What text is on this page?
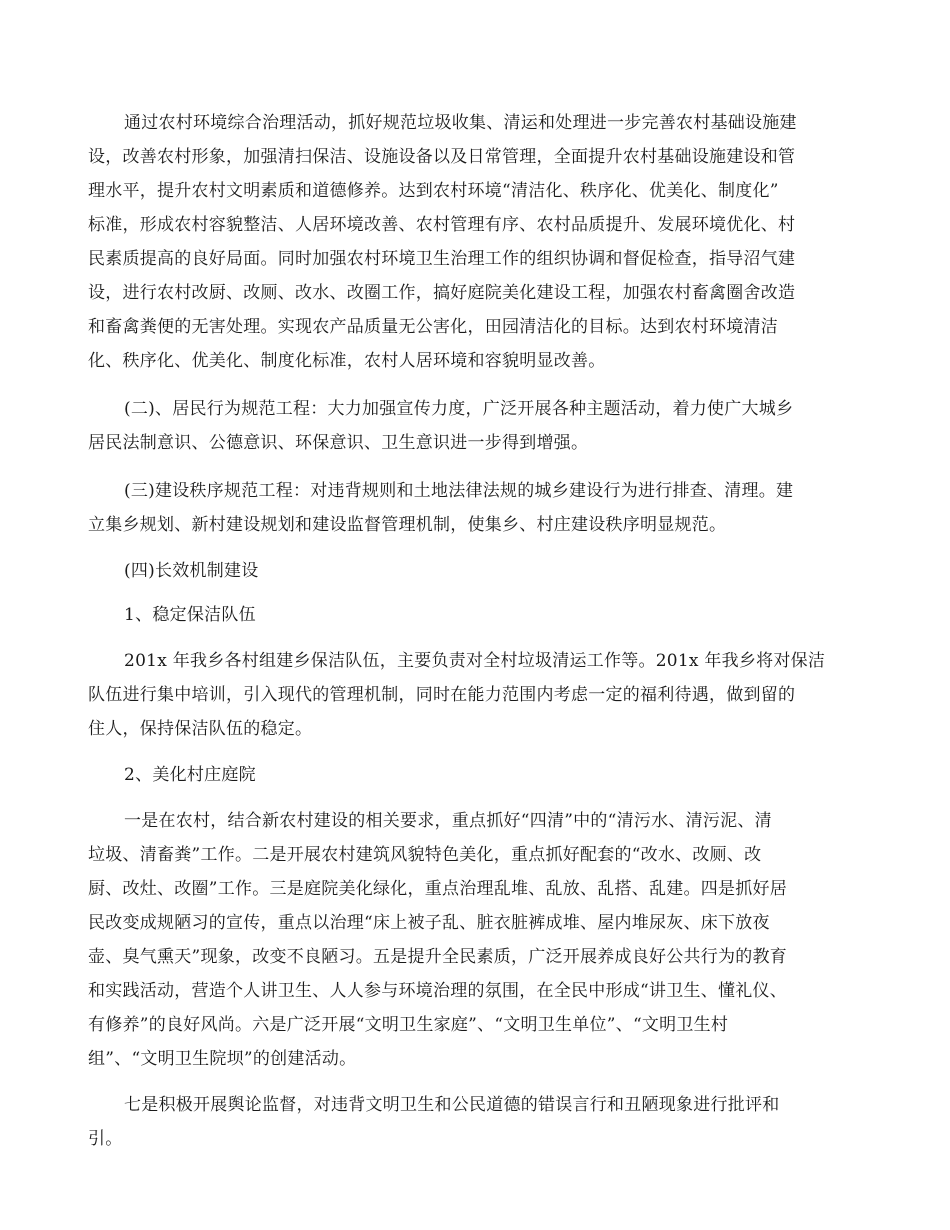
通过农村环境综合治理活动，抓好规范垃圾收集、清运和处理进一步完善农村基础设施建
设，改善农村形象，加强清扫保洁、设施设备以及日常管理，全面提升农村基础设施建设和管
理水平，提升农村文明素质和道德修养。达到农村环境“清洁化、秩序化、优美化、制度化”
标准，形成农村容貌整洁、人居环境改善、农村管理有序、农村品质提升、发展环境优化、村
民素质提高的良好局面。同时加强农村环境卫生治理工作的组织协调和督促检查，指导沼气建
设，进行农村改厨、改厕、改水、改圈工作，搞好庭院美化建设工程，加强农村畜禽圈舍改造
和畜禽粪便的无害处理。实现农产品质量无公害化，田园清洁化的目标。达到农村环境清洁
化、秩序化、优美化、制度化标准，农村人居环境和容貌明显改善。
(二)、居民行为规范工程：大力加强宣传力度，广泛开展各种主题活动，着力使广大城乡
居民法制意识、公德意识、环保意识、卫生意识进一步得到增强。
(三)建设秩序规范工程：对违背规则和土地法律法规的城乡建设行为进行排查、清理。建
立集乡规划、新村建设规划和建设监督管理机制，使集乡、村庄建设秩序明显规范。
(四)长效机制建设
1、稳定保洁队伍
201x 年我乡各村组建乡保洁队伍，主要负责对全村垃圾清运工作等。201x 年我乡将对保洁
队伍进行集中培训，引入现代的管理机制，同时在能力范围内考虑一定的福利待遇，做到留的
住人，保持保洁队伍的稳定。
2、美化村庄庭院
一是在农村，结合新农村建设的相关要求，重点抓好“四清”中的“清污水、清污泥、清
垃圾、清畜粪”工作。二是开展农村建筑风貌特色美化，重点抓好配套的“改水、改厕、改
厨、改灶、改圈”工作。三是庭院美化绿化，重点治理乱堆、乱放、乱搭、乱建。四是抓好居
民改变成规陋习的宣传，重点以治理“床上被子乱、脏衣脏裤成堆、屋内堆尿灰、床下放夜
壶、臭气熏天”现象，改变不良陋习。五是提升全民素质，广泛开展养成良好公共行为的教育
和实践活动，营造个人讲卫生、人人参与环境治理的氛围，在全民中形成“讲卫生、懂礼仪、
有修养”的良好风尚。六是广泛开展“文明卫生家庭”、“文明卫生单位”、“文明卫生村
组”、“文明卫生院坝”的创建活动。
七是积极开展舆论监督，对违背文明卫生和公民道德的错误言行和丑陋现象进行批评和
引。
